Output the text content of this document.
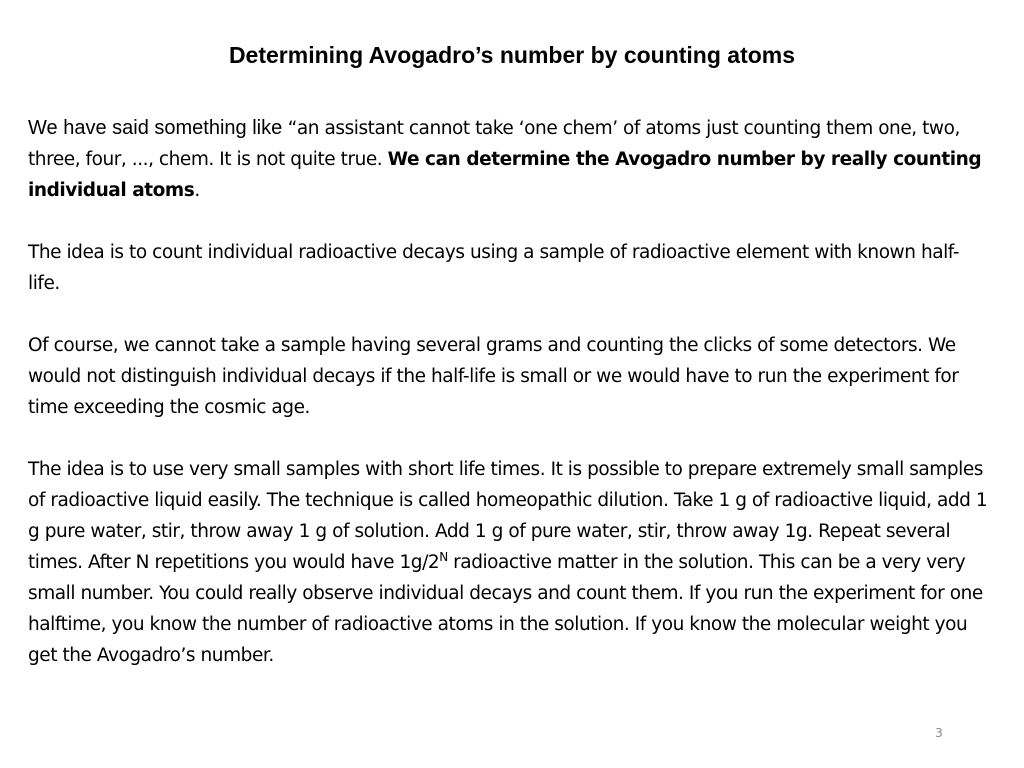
Determining Avogadro’s number by counting atoms

We have said something like “an assistant cannot take ‘one chem’ of atoms just counting them one, two, three, four, ..., chem. It is not quite true. We can determine the Avogadro number by really counting individual atoms.

The idea is to count individual radioactive decays using a sample of radioactive element with known half-life.

Of course, we cannot take a sample having several grams and counting the clicks of some detectors. We would not distinguish individual decays if the half-life is small or we would have to run the experiment for time exceeding the cosmic age.

The idea is to use very small samples with short life times. It is possible to prepare extremely small samples of radioactive liquid easily. The technique is called homeopathic dilution. Take 1 g of radioactive liquid, add 1 g pure water, stir, throw away 1 g of solution. Add 1 g of pure water, stir, throw away 1g. Repeat several times. After N repetitions you would have $1g/2^N$ radioactive matter in the solution. This can be a very very small number. You could really observe individual decays and count them. If you run the experiment for one halftime, you know the number of radioactive atoms in the solution. If you know the molecular weight you get the Avogadro’s number.

3
